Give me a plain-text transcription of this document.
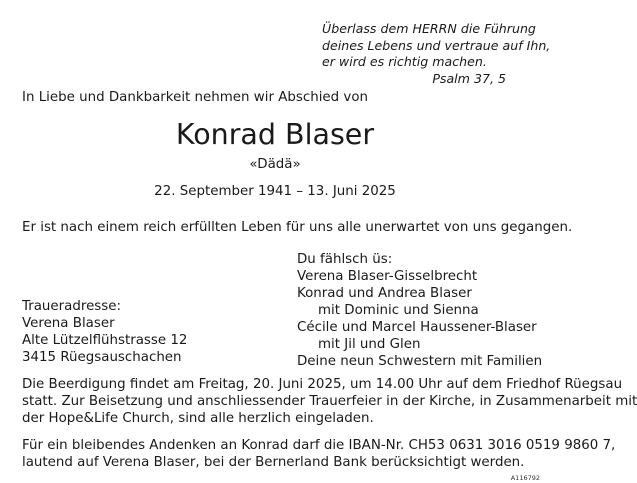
Überlass dem HERRN die Führung
deines Lebens und vertraue auf Ihn,
er wird es richtig machen.
Psalm 37, 5

In Liebe und Dankbarkeit nehmen wir Abschied von

Konrad Blaser

«Dädä»

22. September 1941 – 13. Juni 2025

Er ist nach einem reich erfüllten Leben für uns alle unerwartet von uns gegangen.

Du fählsch üs:
Verena Blaser-Gisselbrecht
Konrad und Andrea Blaser
mit Dominic und Sienna
Cécile und Marcel Haussener-Blaser
mit Jil und Glen
Deine neun Schwestern mit Familien
Traueradresse:
Verena Blaser
Alte Lützelflühstrasse 12
3415 Rüegsauschachen
Die Beerdigung findet am Freitag, 20. Juni 2025, um 14.00 Uhr auf dem Friedhof Rüegsau
statt. Zur Beisetzung und anschliessender Trauerfeier in der Kirche, in Zusammenarbeit mit
der Hope&Life Church, sind alle herzlich eingeladen.
Für ein bleibendes Andenken an Konrad darf die IBAN-Nr. CH53 0631 3016 0519 9860 7,
lautend auf Verena Blaser, bei der Bernerland Bank berücksichtigt werden.

A116792
